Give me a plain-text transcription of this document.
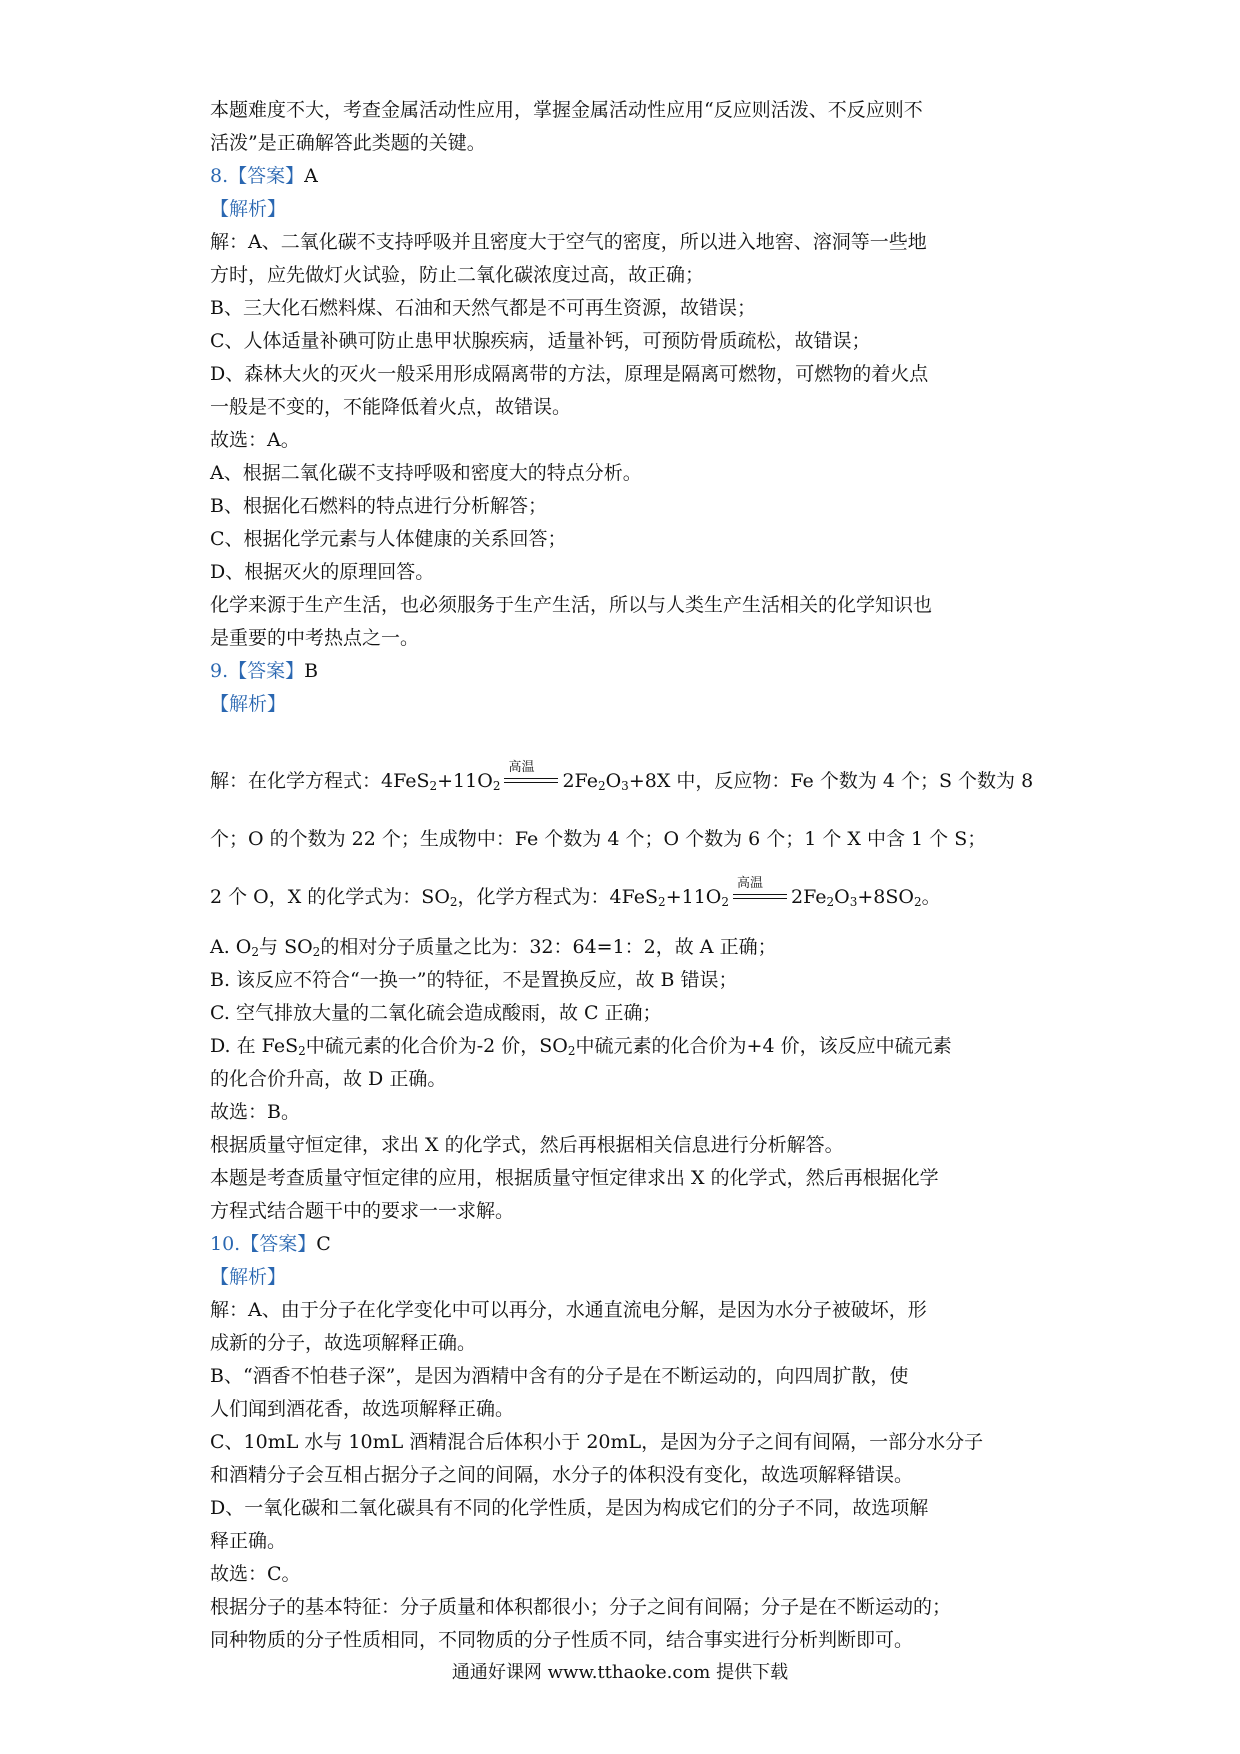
本题难度不大，考查金属活动性应用，掌握金属活动性应用“反应则活泼、不反应则不
活泼”是正确解答此类题的关键。
8.【答案】A
【解析】
解：A、二氧化碳不支持呼吸并且密度大于空气的密度，所以进入地窖、溶洞等一些地
方时，应先做灯火试验，防止二氧化碳浓度过高，故正确；
B、三大化石燃料煤、石油和天然气都是不可再生资源，故错误；
C、人体适量补碘可防止患甲状腺疾病，适量补钙，可预防骨质疏松，故错误；
D、森林大火的灭火一般采用形成隔离带的方法，原理是隔离可燃物，可燃物的着火点
一般是不变的，不能降低着火点，故错误。
故选：A。
A、根据二氧化碳不支持呼吸和密度大的特点分析。
B、根据化石燃料的特点进行分析解答；
C、根据化学元素与人体健康的关系回答；
D、根据灭火的原理回答。
化学来源于生产生活，也必须服务于生产生活，所以与人类生产生活相关的化学知识也
是重要的中考热点之一。
9.【答案】B
【解析】
解：在化学方程式：$4FeS_2+11O_2$
高温
$2Fe_2O_3+8X$ 中，反应物：Fe 个数为 4 个；S 个数为 8
个；O 的个数为 22 个；生成物中：Fe 个数为 4 个；O 个数为 6 个；1 个 X 中含 1 个 S；
2 个 O，X 的化学式为：$SO_2$，化学方程式为：$4FeS_2+11O_2$
高温
$2Fe_2O_3+8SO_2$。
A. $O_2$与 $SO_2$的相对分子质量之比为：32：64=1：2，故 A 正确；
B. 该反应不符合“一换一”的特征，不是置换反应，故 B 错误；
C. 空气排放大量的二氧化硫会造成酸雨，故 C 正确；
D. 在 FeS$_2$中硫元素的化合价为-2 价，$SO_2$中硫元素的化合价为+4 价，该反应中硫元素
的化合价升高，故 D 正确。
故选：B。
根据质量守恒定律，求出 X 的化学式，然后再根据相关信息进行分析解答。
本题是考查质量守恒定律的应用，根据质量守恒定律求出 X 的化学式，然后再根据化学
方程式结合题干中的要求一一求解。
10.【答案】C
【解析】
解：A、由于分子在化学变化中可以再分，水通直流电分解，是因为水分子被破坏，形
成新的分子，故选项解释正确。
B、“酒香不怕巷子深”，是因为酒精中含有的分子是在不断运动的，向四周扩散，使
人们闻到酒花香，故选项解释正确。
C、10mL 水与 10mL 酒精混合后体积小于 20mL，是因为分子之间有间隔，一部分水分子
和酒精分子会互相占据分子之间的间隔，水分子的体积没有变化，故选项解释错误。
D、一氧化碳和二氧化碳具有不同的化学性质，是因为构成它们的分子不同，故选项解
释正确。
故选：C。
根据分子的基本特征：分子质量和体积都很小；分子之间有间隔；分子是在不断运动的；
同种物质的分子性质相同，不同物质的分子性质不同，结合事实进行分析判断即可。
通通好课网 www.tthaoke.com 提供下载
